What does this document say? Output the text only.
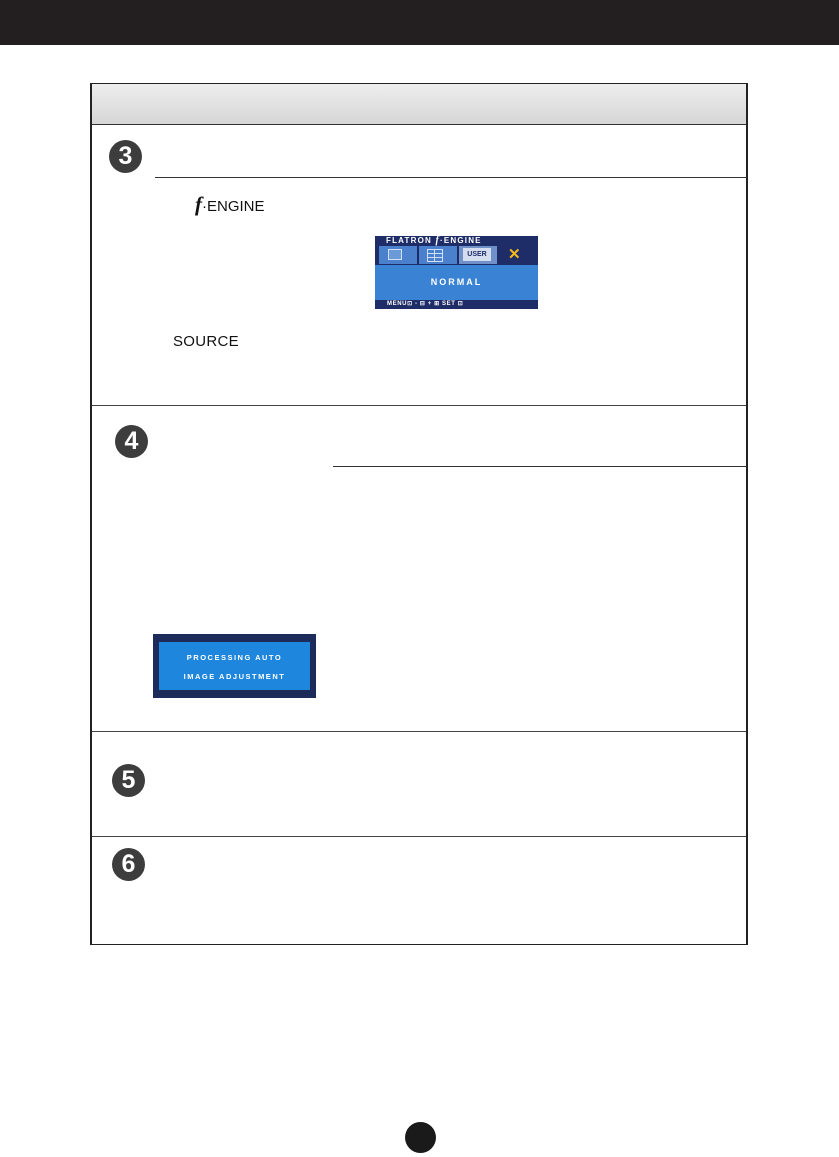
3
f·ENGINE
FLATRON f·ENGINE
USER ✕
NORMAL
MENU⊡ - ⊟ + ⊞ SET ⊡
SOURCE
4
PROCESSING AUTO
IMAGE ADJUSTMENT
5
6
